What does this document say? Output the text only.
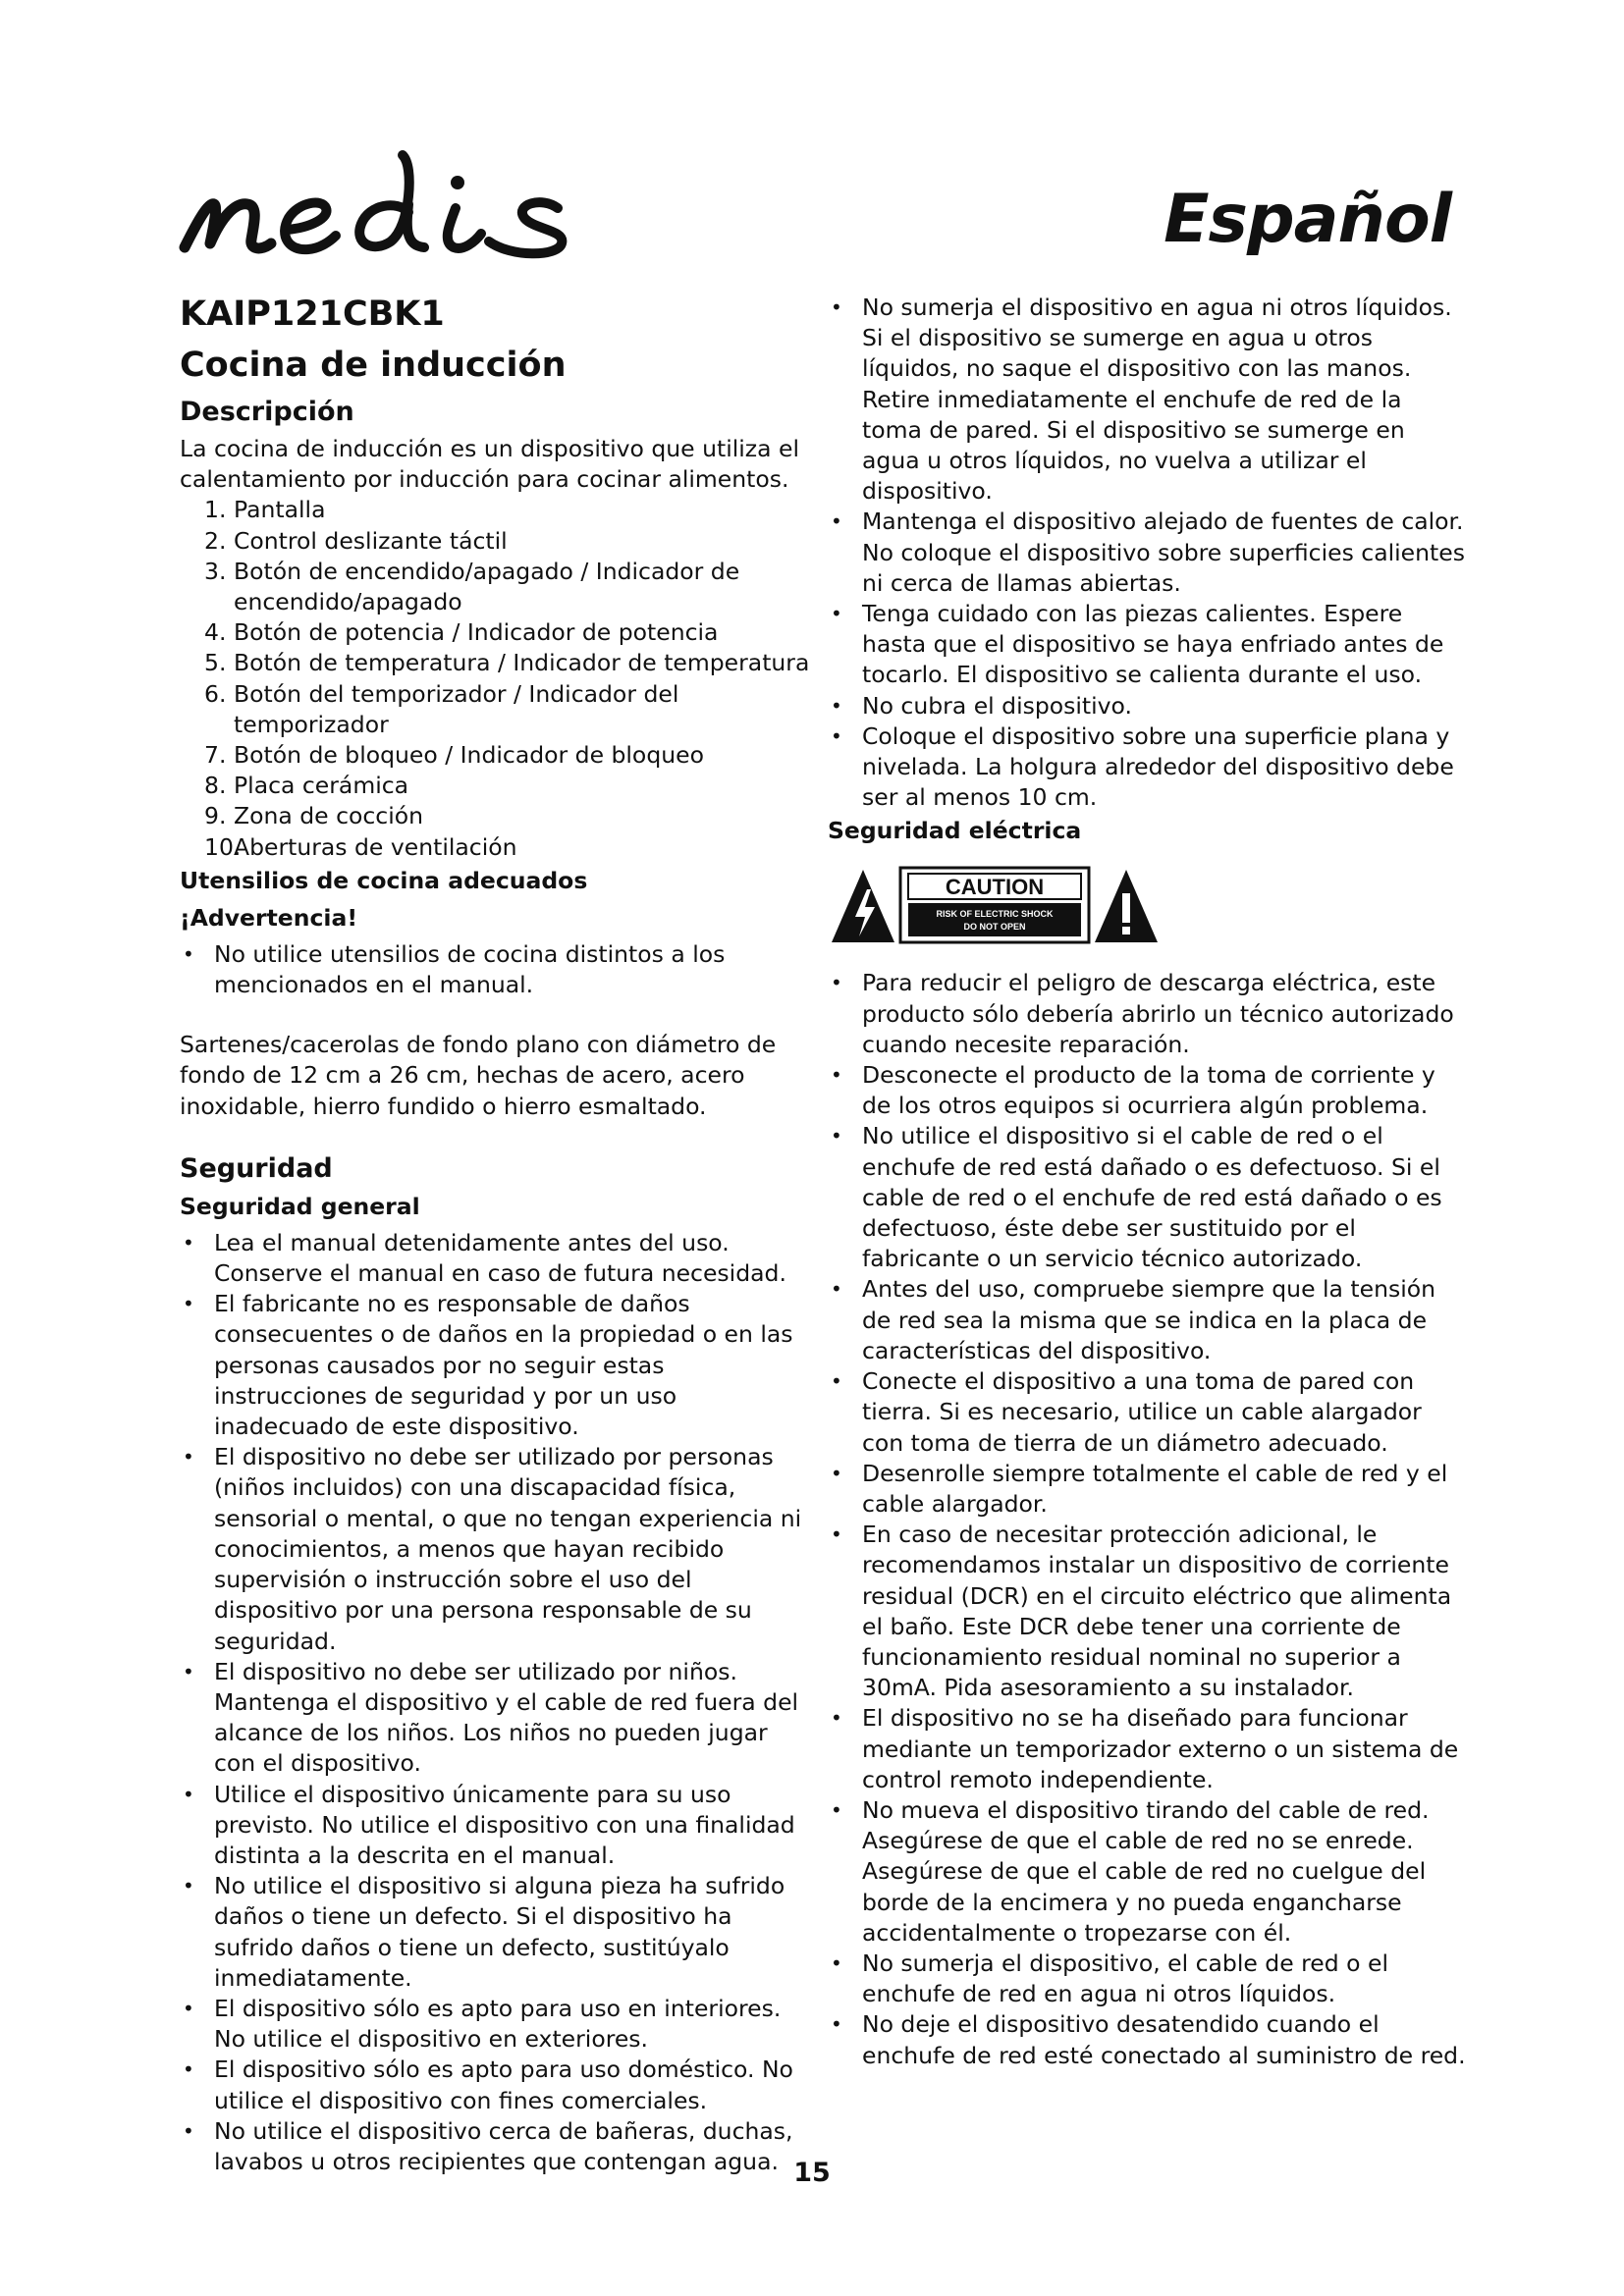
Español
KAIP121CBK1
Cocina de inducción
Descripción

La cocina de inducción es un dispositivo que utiliza el calentamiento por inducción para cocinar alimentos.

1. Pantalla
2. Control deslizante táctil
3. Botón de encendido/apagado / Indicador de encendido/apagado
4. Botón de potencia / Indicador de potencia
5. Botón de temperatura / Indicador de temperatura
6. Botón del temporizador / Indicador del temporizador
7. Botón de bloqueo / Indicador de bloqueo
8. Placa cerámica
9. Zona de cocción
10.Aberturas de ventilación
Utensilios de cocina adecuados
¡Advertencia!
• No utilice utensilios de cocina distintos a los mencionados en el manual.

Sartenes/cacerolas de fondo plano con diámetro de fondo de 12 cm a 26 cm, hechas de acero, acero inoxidable, hierro fundido o hierro esmaltado.

Seguridad
Seguridad general
• Lea el manual detenidamente antes del uso. Conserve el manual en caso de futura necesidad.
• El fabricante no es responsable de daños consecuentes o de daños en la propiedad o en las personas causados por no seguir estas instrucciones de seguridad y por un uso inadecuado de este dispositivo.
• El dispositivo no debe ser utilizado por personas (niños incluidos) con una discapacidad física, sensorial o mental, o que no tengan experiencia ni conocimientos, a menos que hayan recibido supervisión o instrucción sobre el uso del dispositivo por una persona responsable de su seguridad.
• El dispositivo no debe ser utilizado por niños. Mantenga el dispositivo y el cable de red fuera del alcance de los niños. Los niños no pueden jugar con el dispositivo.
• Utilice el dispositivo únicamente para su uso previsto. No utilice el dispositivo con una finalidad distinta a la descrita en el manual.
• No utilice el dispositivo si alguna pieza ha sufrido daños o tiene un defecto. Si el dispositivo ha sufrido daños o tiene un defecto, sustitúyalo inmediatamente.
• El dispositivo sólo es apto para uso en interiores. No utilice el dispositivo en exteriores.
• El dispositivo sólo es apto para uso doméstico. No utilice el dispositivo con fines comerciales.
• No utilice el dispositivo cerca de bañeras, duchas, lavabos u otros recipientes que contengan agua.
• No sumerja el dispositivo en agua ni otros líquidos. Si el dispositivo se sumerge en agua u otros líquidos, no saque el dispositivo con las manos. Retire inmediatamente el enchufe de red de la toma de pared. Si el dispositivo se sumerge en agua u otros líquidos, no vuelva a utilizar el dispositivo.
• Mantenga el dispositivo alejado de fuentes de calor. No coloque el dispositivo sobre superficies calientes ni cerca de llamas abiertas.
• Tenga cuidado con las piezas calientes. Espere hasta que el dispositivo se haya enfriado antes de tocarlo. El dispositivo se calienta durante el uso.
• No cubra el dispositivo.
• Coloque el dispositivo sobre una superficie plana y nivelada. La holgura alrededor del dispositivo debe ser al menos 10 cm.
Seguridad eléctrica
CAUTION
RISK OF ELECTRIC SHOCK
DO NOT OPEN
• Para reducir el peligro de descarga eléctrica, este producto sólo debería abrirlo un técnico autorizado cuando necesite reparación.
• Desconecte el producto de la toma de corriente y de los otros equipos si ocurriera algún problema.
• No utilice el dispositivo si el cable de red o el enchufe de red está dañado o es defectuoso. Si el cable de red o el enchufe de red está dañado o es defectuoso, éste debe ser sustituido por el fabricante o un servicio técnico autorizado.
• Antes del uso, compruebe siempre que la tensión de red sea la misma que se indica en la placa de características del dispositivo.
• Conecte el dispositivo a una toma de pared con tierra. Si es necesario, utilice un cable alargador con toma de tierra de un diámetro adecuado.
• Desenrolle siempre totalmente el cable de red y el cable alargador.
• En caso de necesitar protección adicional, le recomendamos instalar un dispositivo de corriente residual (DCR) en el circuito eléctrico que alimenta el baño. Este DCR debe tener una corriente de funcionamiento residual nominal no superior a 30mA. Pida asesoramiento a su instalador.
• El dispositivo no se ha diseñado para funcionar mediante un temporizador externo o un sistema de control remoto independiente.
• No mueva el dispositivo tirando del cable de red. Asegúrese de que el cable de red no se enrede. Asegúrese de que el cable de red no cuelgue del borde de la encimera y no pueda engancharse accidentalmente o tropezarse con él.
• No sumerja el dispositivo, el cable de red o el enchufe de red en agua ni otros líquidos.
• No deje el dispositivo desatendido cuando el enchufe de red esté conectado al suministro de red.
15
